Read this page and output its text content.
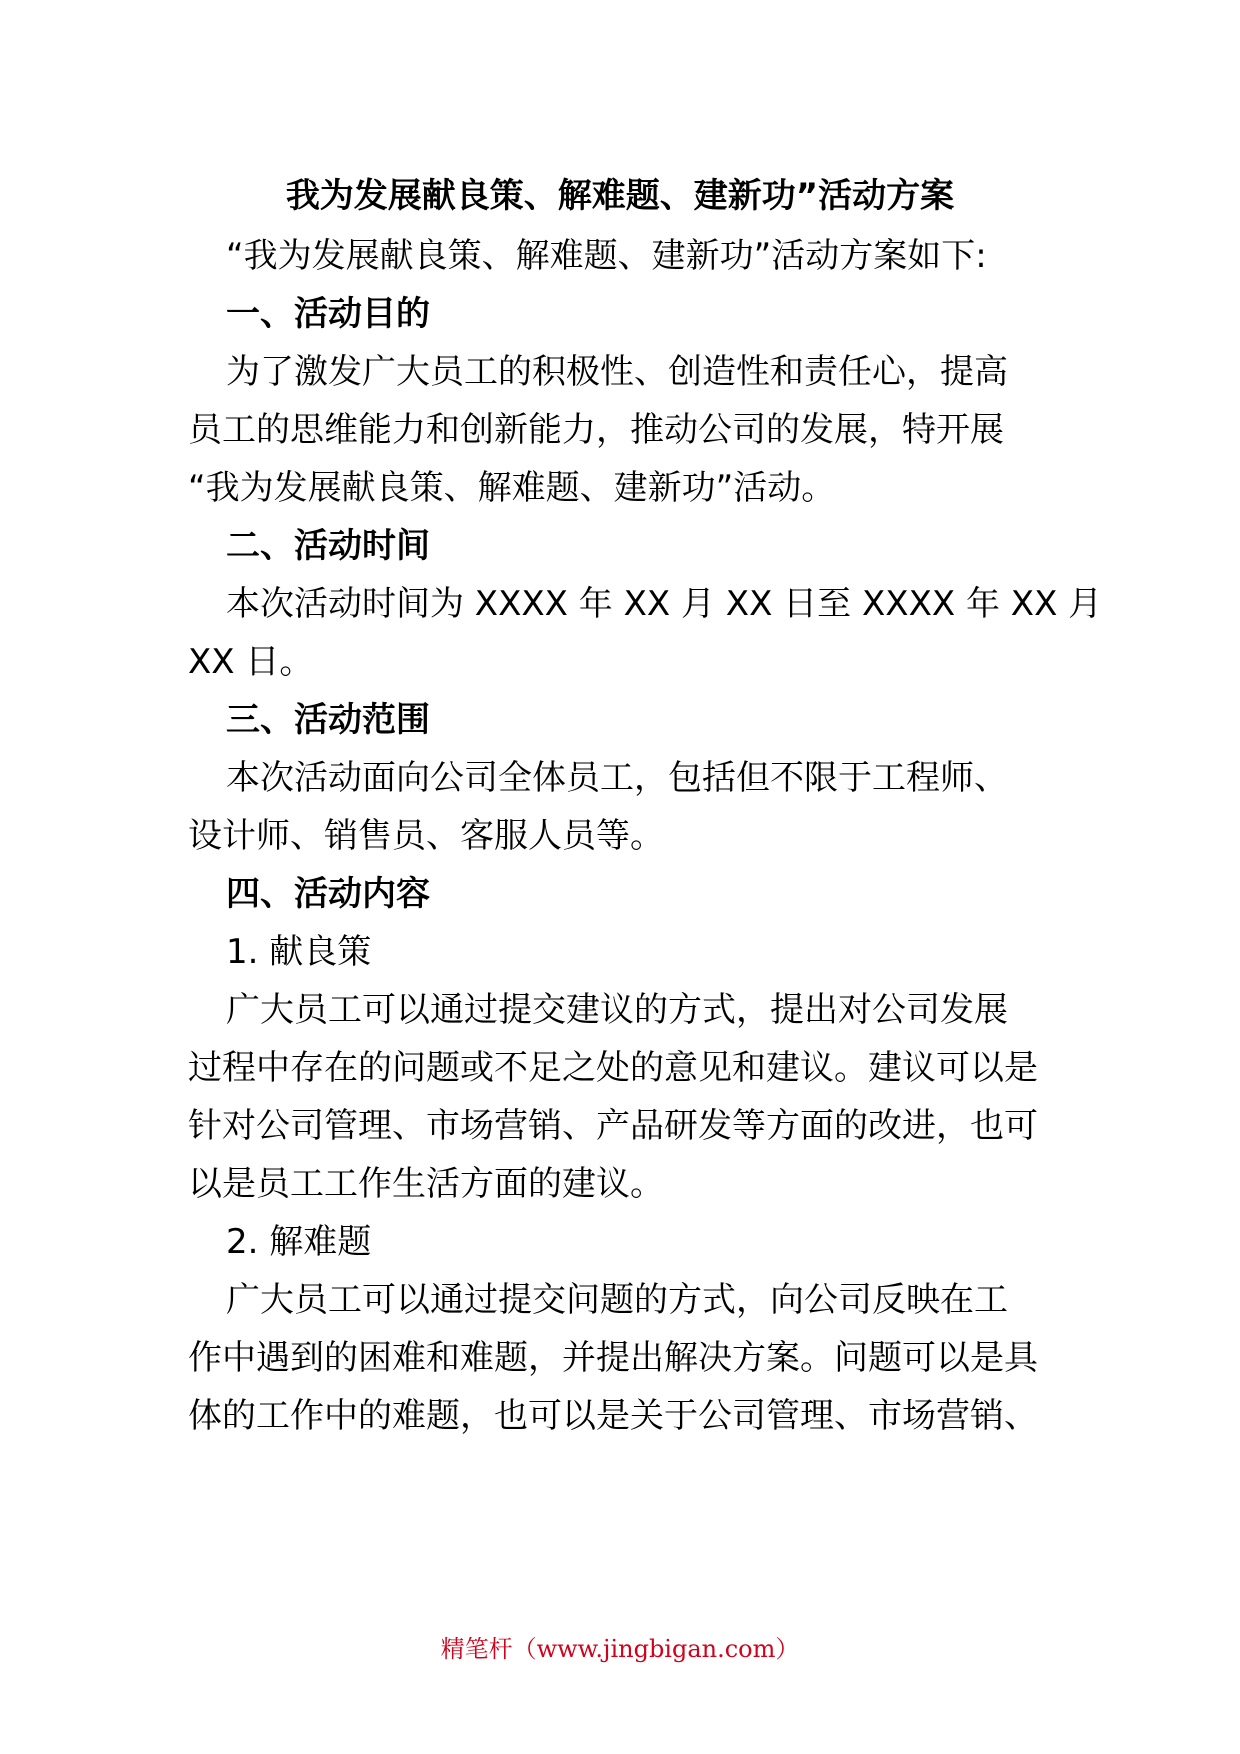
我为发展献良策、解难题、建新功”活动方案
“我为发展献良策、解难题、建新功”活动方案如下:
一、活动目的
为了激发广大员工的积极性、创造性和责任心，提高
员工的思维能力和创新能力，推动公司的发展，特开展
“我为发展献良策、解难题、建新功”活动。
二、活动时间
本次活动时间为 XXXX 年 XX 月 XX 日至 XXXX 年 XX 月
XX 日。
三、活动范围
本次活动面向公司全体员工，包括但不限于工程师、
设计师、销售员、客服人员等。
四、活动内容
1. 献良策
广大员工可以通过提交建议的方式，提出对公司发展
过程中存在的问题或不足之处的意见和建议。建议可以是
针对公司管理、市场营销、产品研发等方面的改进，也可
以是员工工作生活方面的建议。
2. 解难题
广大员工可以通过提交问题的方式，向公司反映在工
作中遇到的困难和难题，并提出解决方案。问题可以是具
体的工作中的难题，也可以是关于公司管理、市场营销、
精笔杆（www.jingbigan.com）
